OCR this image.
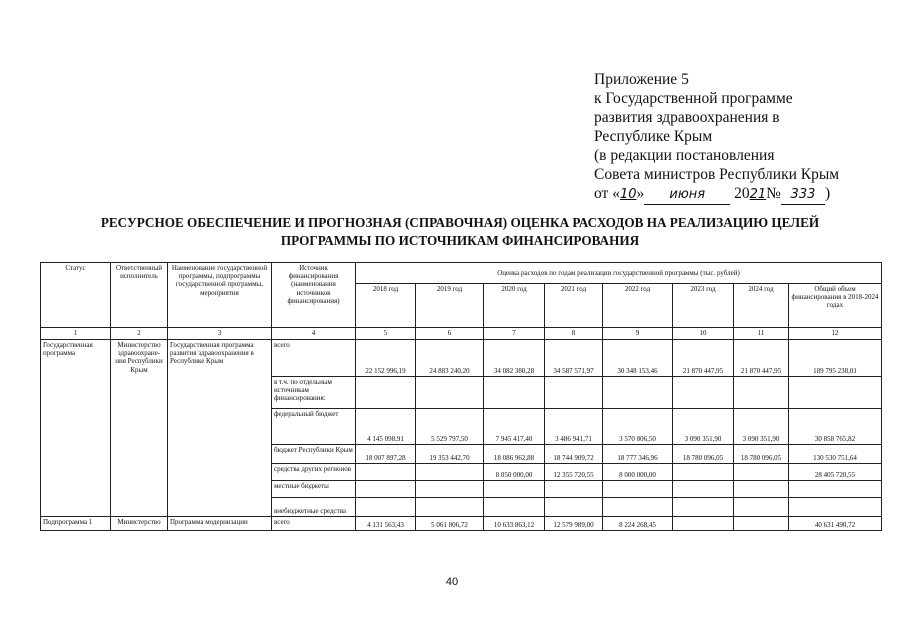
Приложение 5
к Государственной программе
развития здравоохранения в
Республике Крым
(в редакции постановления
Совета министров Республики Крым
от «10» июня 2021№ 333 )
РЕСУРСНОЕ ОБЕСПЕЧЕНИЕ И ПРОГНОЗНАЯ (СПРАВОЧНАЯ) ОЦЕНКА РАСХОДОВ НА РЕАЛИЗАЦИЮ ЦЕЛЕЙ
ПРОГРАММЫ ПО ИСТОЧНИКАМ ФИНАНСИРОВАНИЯ
Статус	Ответственный исполнитель	Наименование государственной программы, подпрограммы государственной программы, мероприятия	Источник финансирования (наименования источников финансирования)	Оценка расходов по годам реализации государственной программы (тыс. рублей)							
				2018 год	2019 год	2020 год	2021 год	2022 год	2023 год	2024 год	Общий объем финансирования в 2018-2024 годах
1	2	3	4	5	6	7	8	9	10	11	12
Государственная программа	Министерство здравоохране-ния Республики Крым	Государственная программа развития здравоохранения в Республике Крым	всего	22 152 996,19	24 883 240,20	34 082 380,28	34 587 571,97	30 348 153,46	21 870 447,95	21 870 447,95	189 795 238,01
			в т.ч. по отдельным источникам финансирования:								
			федеральный бюджет	4 145 098,91	5 529 797,50	7 945 417,40	3 486 941,71	3 570 806,50	3 090 351,90	3 090 351,90	30 858 765,82
			бюджет Республики Крым	18 007 897,28	19 353 442,70	18 086 962,88	18 744 909,72	18 777 346,96	18 780 096,05	18 780 096,05	130 530 751,64
			средства других регионов			8 050 000,00	12 355 720,55	8 000 000,00			28 405 720,55
			местные бюджеты								
			внебюджетные средства								
Подпрограмма 1	Министерство	Программа модернизации	всего	4 131 563,43	5 061 806,72	10 633 863,12	12 579 989,00	8 224 268,45			40 631 490,72
40
